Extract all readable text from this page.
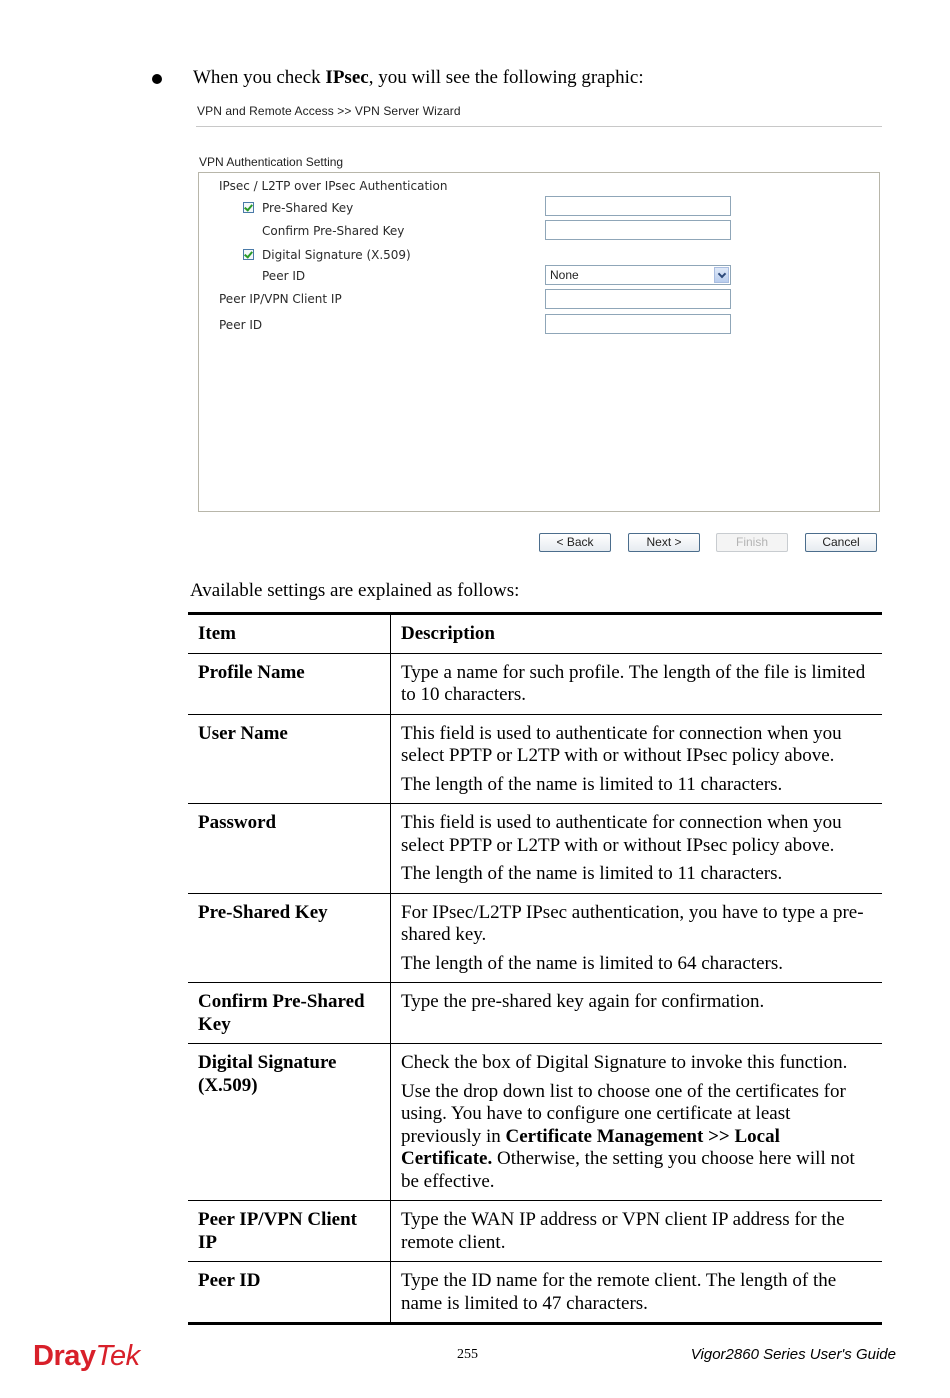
When you check IPsec, you will see the following graphic:
VPN and Remote Access >> VPN Server Wizard
VPN Authentication Setting
IPsec / L2TP over IPsec Authentication
Pre-Shared Key
Confirm Pre-Shared Key
Digital Signature (X.509)
Peer ID	None
Peer IP/VPN Client IP
Peer ID
< Back	Next >	Finish	Cancel
Available settings are explained as follows:
Item	Description
Profile Name	Type a name for such profile. The length of the file is limited to 10 characters.

User Name	This field is used to authenticate for connection when you select PPTP or L2TP with or without IPsec policy above.

The length of the name is limited to 11 characters.

Password	This field is used to authenticate for connection when you select PPTP or L2TP with or without IPsec policy above.

The length of the name is limited to 11 characters.

Pre-Shared Key	For IPsec/L2TP IPsec authentication, you have to type a pre-shared key.

The length of the name is limited to 64 characters.

Confirm Pre-Shared Key	Type the pre-shared key again for confirmation.

Digital Signature (X.509)	Check the box of Digital Signature to invoke this function.

Use the drop down list to choose one of the certificates for using. You have to configure one certificate at least previously in Certificate Management >> Local Certificate. Otherwise, the setting you choose here will not be effective.

Peer IP/VPN Client IP	Type the WAN IP address or VPN client IP address for the remote client.

Peer ID	Type the ID name for the remote client. The length of the name is limited to 47 characters.

DrayTek	255	Vigor2860 Series User's Guide
